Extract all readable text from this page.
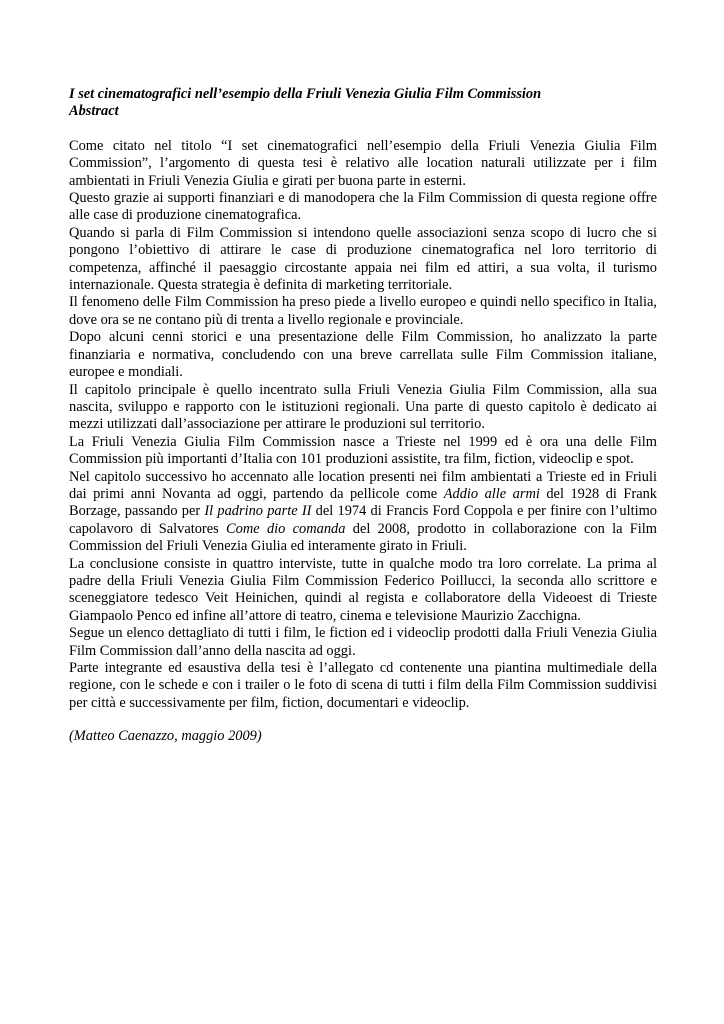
I set cinematografici nell’esempio della Friuli Venezia Giulia Film Commission

Abstract

Come citato nel titolo “I set cinematografici nell’esempio della Friuli Venezia Giulia Film Commission”, l’argomento di questa tesi è relativo alle location naturali utilizzate per i film ambientati in Friuli Venezia Giulia e girati per buona parte in esterni.

Questo grazie ai supporti finanziari e di manodopera che la Film Commission di questa regione offre alle case di produzione cinematografica.

Quando si parla di Film Commission si intendono quelle associazioni senza scopo di lucro che si pongono l’obiettivo di attirare le case di produzione cinematografica nel loro territorio di competenza, affinché il paesaggio circostante appaia nei film ed attiri, a sua volta, il turismo internazionale. Questa strategia è definita di marketing territoriale.

Il fenomeno delle Film Commission ha preso piede a livello europeo e quindi nello specifico in Italia, dove ora se ne contano più di trenta a livello regionale e provinciale.

Dopo alcuni cenni storici e una presentazione delle Film Commission, ho analizzato la parte finanziaria e normativa, concludendo con una breve carrellata sulle Film Commission italiane, europee e mondiali.

Il capitolo principale è quello incentrato sulla Friuli Venezia Giulia Film Commission, alla sua nascita, sviluppo e rapporto con le istituzioni regionali. Una parte di questo capitolo è dedicato ai mezzi utilizzati dall’associazione per attirare le produzioni sul territorio.

La Friuli Venezia Giulia Film Commission nasce a Trieste nel 1999 ed è ora una delle Film Commission più importanti d’Italia con 101 produzioni assistite, tra film, fiction, videoclip e spot.

Nel capitolo successivo ho accennato alle location presenti nei film ambientati a Trieste ed in Friuli dai primi anni Novanta ad oggi, partendo da pellicole come Addio alle armi del 1928 di Frank Borzage, passando per Il padrino parte II del 1974 di Francis Ford Coppola e per finire con l’ultimo capolavoro di Salvatores Come dio comanda del 2008, prodotto in collaborazione con la Film Commission del Friuli Venezia Giulia ed interamente girato in Friuli.

La conclusione consiste in quattro interviste, tutte in qualche modo tra loro correlate. La prima al padre della Friuli Venezia Giulia Film Commission Federico Poillucci, la seconda allo scrittore e sceneggiatore tedesco Veit Heinichen, quindi al regista e collaboratore della Videoest di Trieste Giampaolo Penco ed infine all’attore di teatro, cinema e televisione Maurizio Zacchigna.

Segue un elenco dettagliato di tutti i film, le fiction ed i videoclip prodotti dalla Friuli Venezia Giulia Film Commission dall’anno della nascita ad oggi.

Parte integrante ed esaustiva della tesi è l’allegato cd contenente una piantina multimediale della regione, con le schede e con i trailer o le foto di scena di tutti i film della Film Commission suddivisi per città e successivamente per film, fiction, documentari e videoclip.

(Matteo Caenazzo, maggio 2009)
